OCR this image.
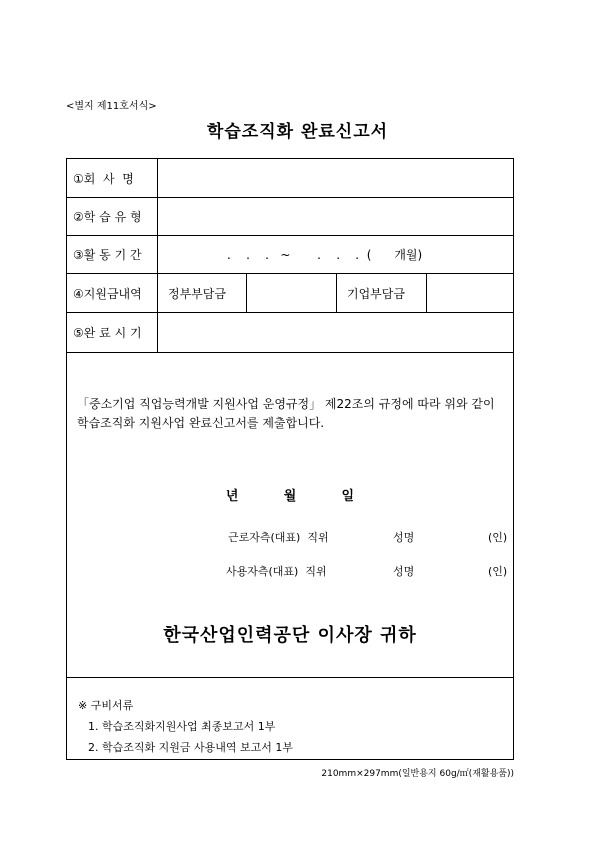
<별지 제11호서식>
학습조직화 완료신고서
①회  사  명
②학 습 유 형
③활 동 기 간	.    .    .   ~       .    .    .  (      개월)
④지원금내역 정부부담금	기업부담금
⑤완 료 시 기
「중소기업 직업능력개발 지원사업 운영규정」 제22조의 규정에 따라 위와 같이 학습조직화 지원사업 완료신고서를 제출합니다.
년          월          일
근로자측(대표)  직위	성명	(인)
사용자측(대표)  직위	성명	(인)
한국산업인력공단 이사장 귀하
※ 구비서류
1. 학습조직화지원사업 최종보고서 1부
2. 학습조직화 지원금 사용내역 보고서 1부
210mm×297mm(일반용지 60g/㎡(재활용품))
